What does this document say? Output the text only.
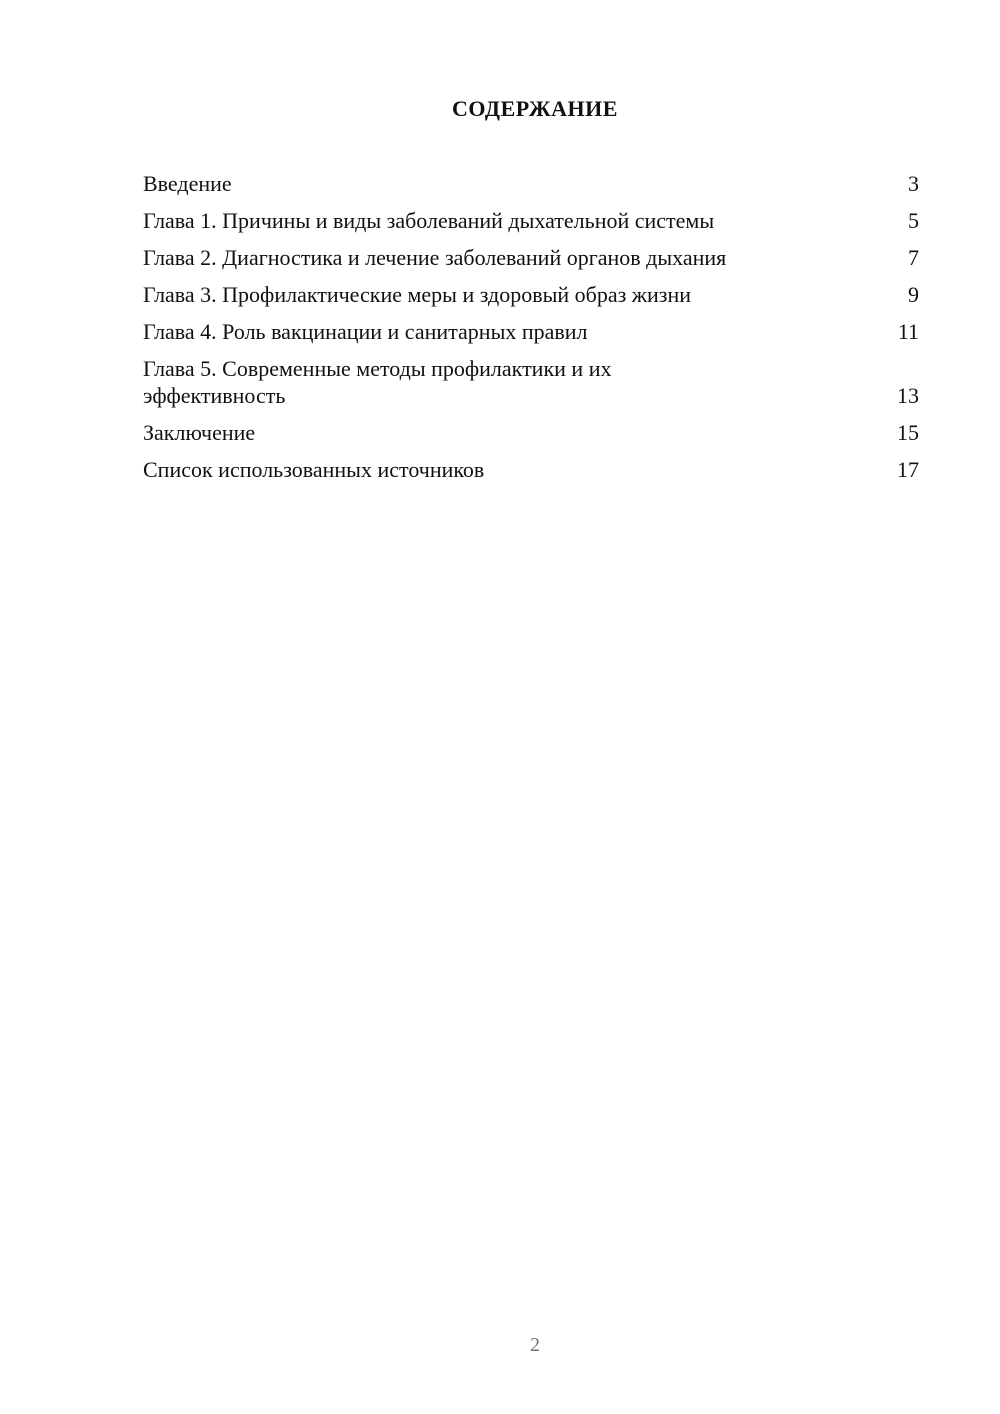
СОДЕРЖАНИЕ
Введение	3
Глава 1. Причины и виды заболеваний дыхательной системы	5
Глава 2. Диагностика и лечение заболеваний органов дыхания	7
Глава 3. Профилактические меры и здоровый образ жизни	9
Глава 4. Роль вакцинации и санитарных правил	11
Глава 5. Современные методы профилактики и их эффективность	13
Заключение	15
Список использованных источников	17
2
